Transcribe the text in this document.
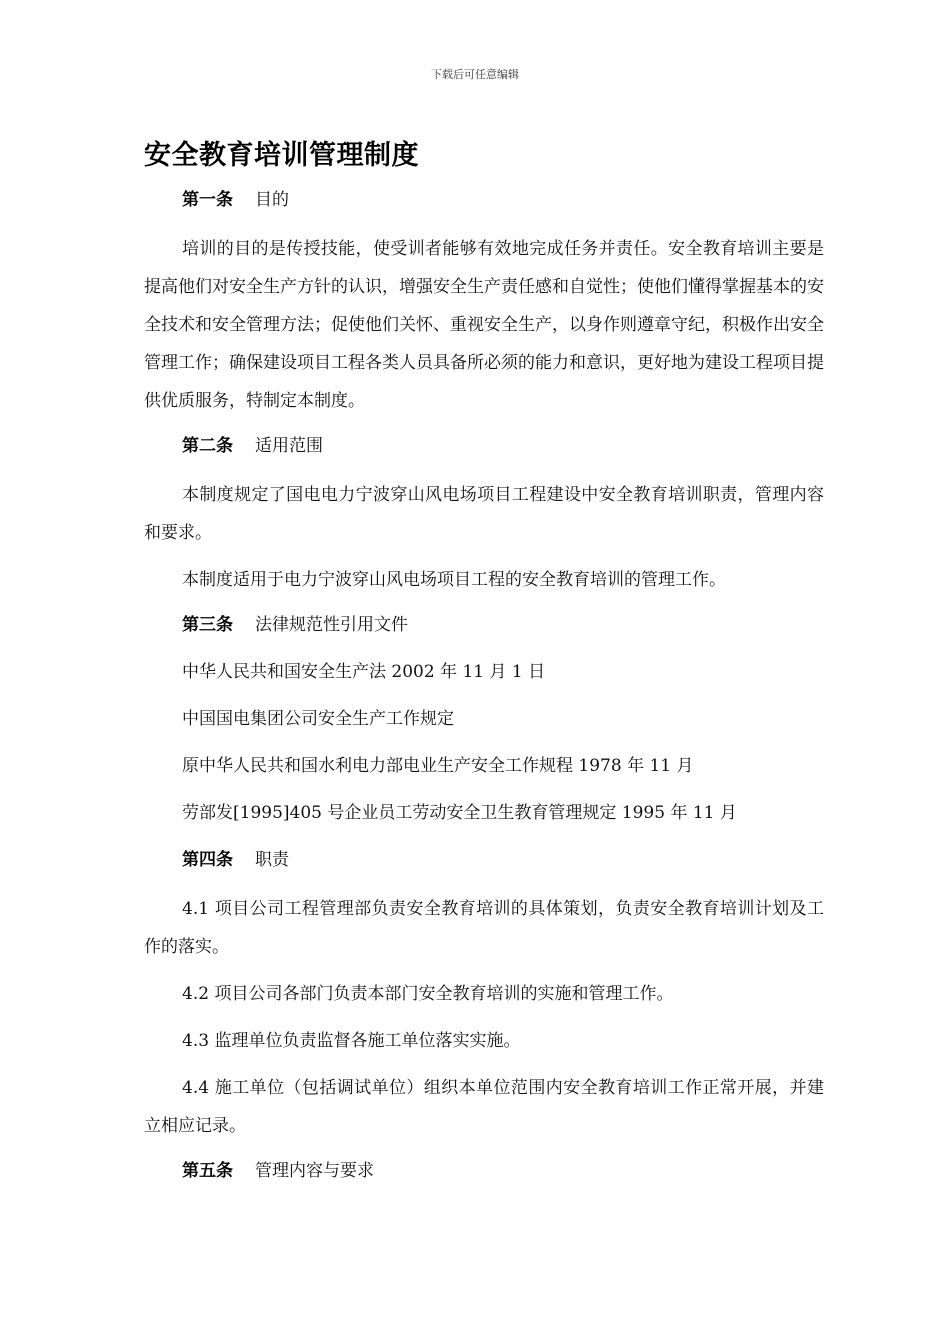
下载后可任意编辑
安全教育培训管理制度
第一条 目的
培训的目的是传授技能，使受训者能够有效地完成任务并责任。安全教育培训主要是提高他们对安全生产方针的认识，增强安全生产责任感和自觉性；使他们懂得掌握基本的安全技术和安全管理方法；促使他们关怀、重视安全生产，以身作则遵章守纪，积极作出安全管理工作；确保建设项目工程各类人员具备所必须的能力和意识，更好地为建设工程项目提供优质服务，特制定本制度。
第二条 适用范围
本制度规定了国电电力宁波穿山风电场项目工程建设中安全教育培训职责，管理内容和要求。
本制度适用于电力宁波穿山风电场项目工程的安全教育培训的管理工作。
第三条 法律规范性引用文件
中华人民共和国安全生产法 2002 年 11 月 1 日
中国国电集团公司安全生产工作规定
原中华人民共和国水利电力部电业生产安全工作规程 1978 年 11 月
劳部发[1995]405 号企业员工劳动安全卫生教育管理规定 1995 年 11 月
第四条 职责
4.1 项目公司工程管理部负责安全教育培训的具体策划，负责安全教育培训计划及工作的落实。
4.2 项目公司各部门负责本部门安全教育培训的实施和管理工作。
4.3 监理单位负责监督各施工单位落实实施。
4.4 施工单位（包括调试单位）组织本单位范围内安全教育培训工作正常开展，并建立相应记录。
第五条 管理内容与要求
